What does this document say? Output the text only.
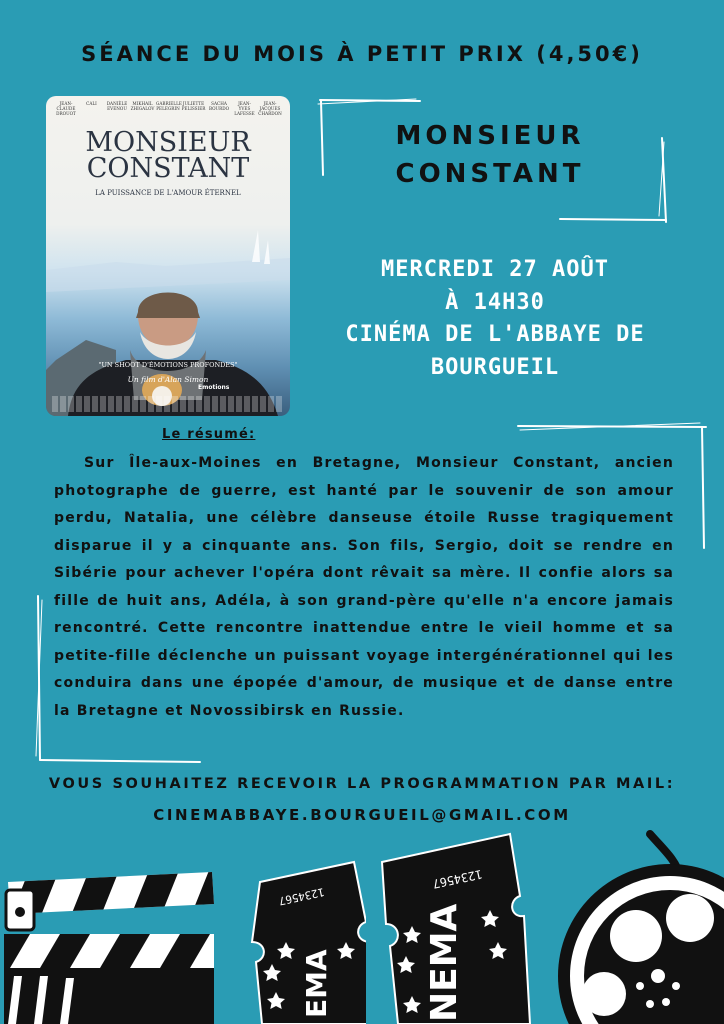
SÉANCE DU MOIS À PETIT PRIX (4,50€)
JEAN-CLAUDE
DROUOT
CALI	DANIÈLE
EVENOU
MIKHAIL
ZHIGALOV
GABRIELLE
PELEGRIN
JULIETTE
PELISSIER
SACHA
BOURDO
JEAN-YVES
LAFESSE
JEAN-JACQUES
CHARDON
MONSIEUR
CONSTANT
LA PUISSANCE DE L'AMOUR ÉTERNEL
"UN SHOOT D'ÉMOTIONS PROFONDES"
Un film d'Alan Simon
Emotions
MONSIEUR
CONSTANT
MERCREDI 27 AOÛT
À 14H30
CINÉMA DE L'ABBAYE DE
BOURGUEIL
Le résumé:

Sur Île-aux-Moines en Bretagne, Monsieur Constant, ancien photographe de guerre, est hanté par le souvenir de son amour perdu, Natalia, une célèbre danseuse étoile Russe tragiquement disparue il y a cinquante ans. Son fils, Sergio, doit se rendre en Sibérie pour achever l'opéra dont rêvait sa mère. Il confie alors sa fille de huit ans, Adéla, à son grand-père qu'elle n'a encore jamais rencontré. Cette rencontre inattendue entre le vieil homme et sa petite-fille déclenche un puissant voyage intergénérationnel qui les conduira dans une épopée d'amour, de musique et de danse entre la Bretagne et Novossibirsk en Russie.

VOUS SOUHAITEZ RECEVOIR LA PROGRAMMATION PAR MAIL:
CINEMABBAYE.BOURGUEIL@GMAIL.COM
1234567
EMA
1234567
NEMA
